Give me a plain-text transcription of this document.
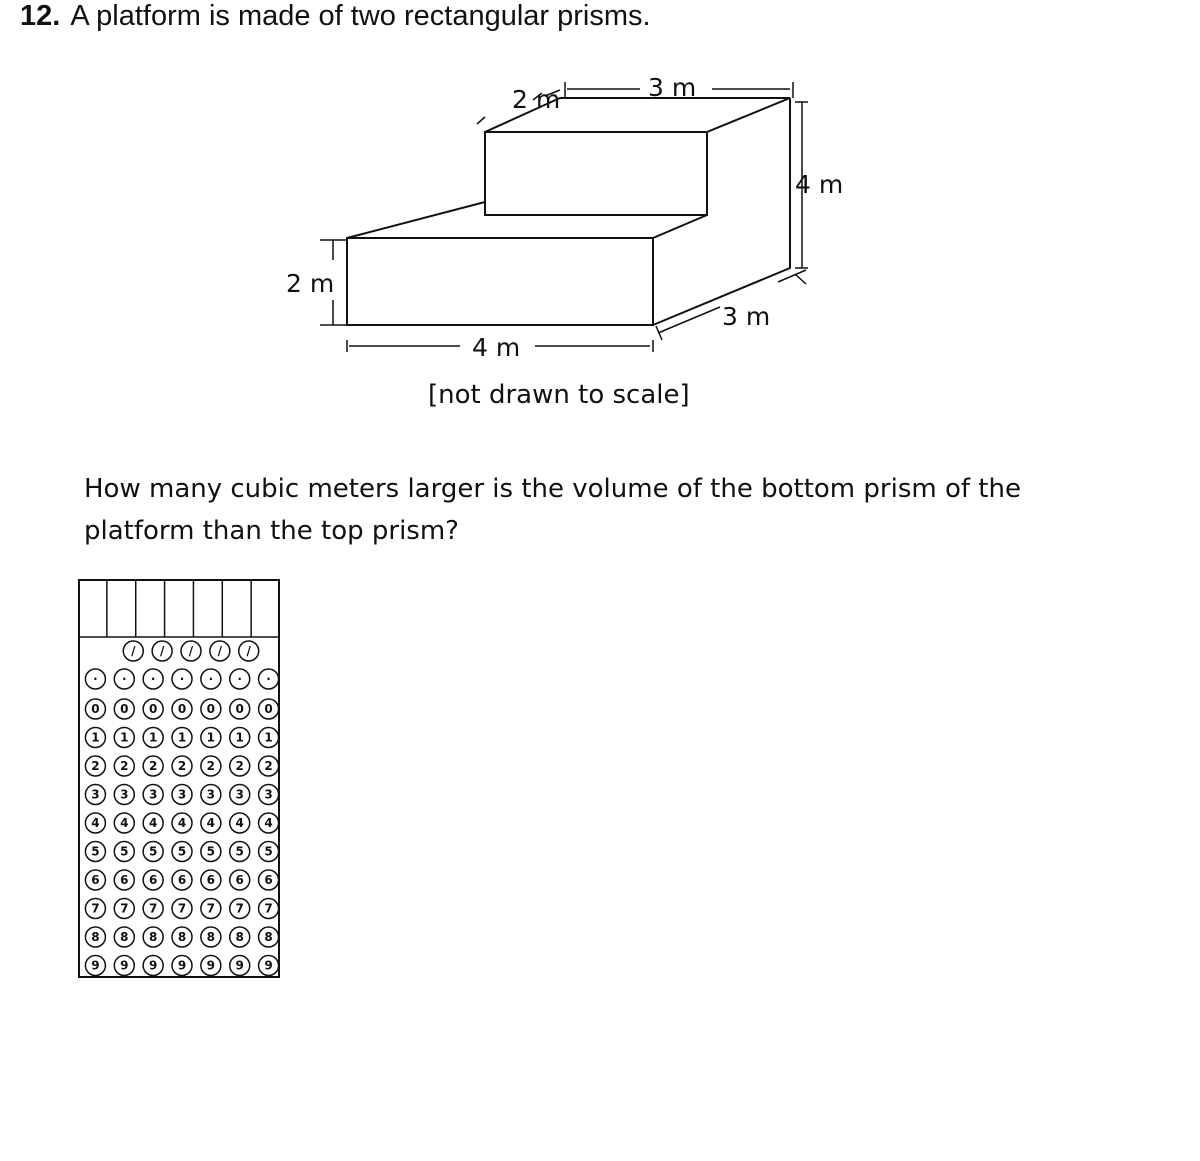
12. A platform is made of two rectangular prisms.
2 m	3 m
4 m
2 m
3 m
4 m
[not drawn to scale]
How many cubic meters larger is the volume of the bottom prism of the platform than the top prism?
/ / / / /
· · · · · · ·
0 0 0 0 0 0 0
1 1 1 1 1 1 1
2 2 2 2 2 2 2
3 3 3 3 3 3 3
4 4 4 4 4 4 4
5 5 5 5 5 5 5
6 6 6 6 6 6 6
7 7 7 7 7 7 7
8 8 8 8 8 8 8
9 9 9 9 9 9 9
